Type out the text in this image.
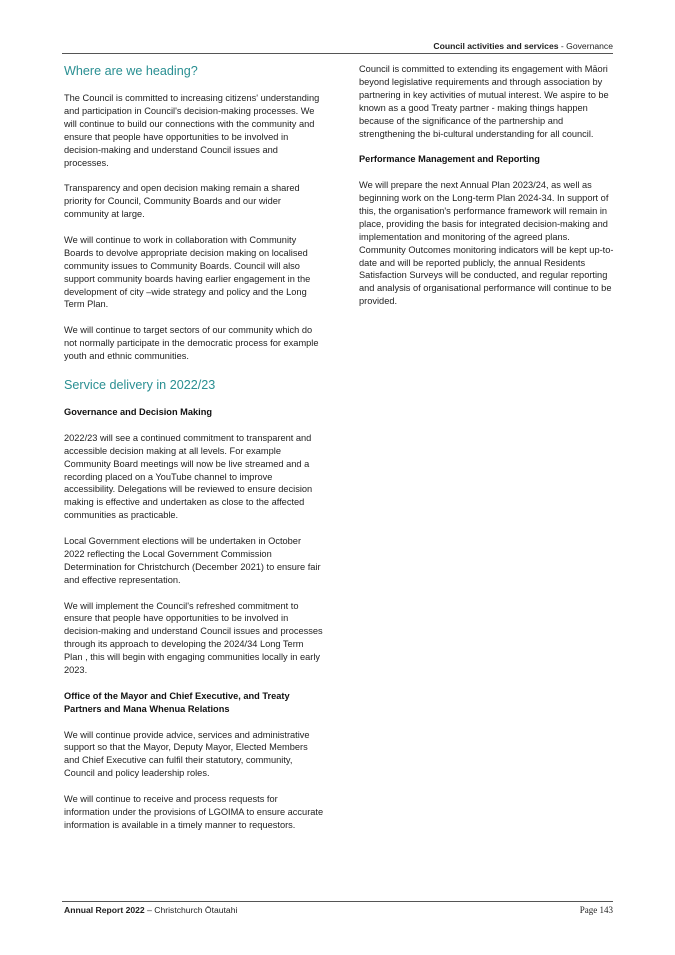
Council activities and services - Governance
Where are we heading?

The Council is committed to increasing citizens' understanding and participation in Council's decision-making processes. We will continue to build our connections with the community and ensure that people have opportunities to be involved in decision-making and understand Council issues and processes.

Transparency and open decision making remain a shared priority for Council, Community Boards and our wider community at large.

We will continue to work in collaboration with Community Boards to devolve appropriate decision making on localised community issues to Community Boards. Council will also support community boards having earlier engagement in the development of city –wide strategy and policy and the Long Term Plan.

We will continue to target sectors of our community which do not normally participate in the democratic process for example youth and ethnic communities.

Service delivery in 2022/23
Governance and Decision Making

2022/23 will see a continued commitment to transparent and accessible decision making at all levels. For example Community Board meetings will now be live streamed and a recording placed on a YouTube channel to improve accessibility. Delegations will be reviewed to ensure decision making is effective and undertaken as close to the affected communities as practicable.

Local Government elections will be undertaken in October 2022 reflecting the Local Government Commission Determination for Christchurch (December 2021) to ensure fair and effective representation.

We will implement the Council's refreshed commitment to ensure that people have opportunities to be involved in decision-making and understand Council issues and processes through its approach to developing the 2024/34 Long Term Plan , this will begin with engaging communities locally in early 2023.

Office of the Mayor and Chief Executive, and Treaty Partners and Mana Whenua Relations

We will continue provide advice, services and administrative support so that the Mayor, Deputy Mayor, Elected Members and Chief Executive can fulfil their statutory, community, Council and policy leadership roles.

We will continue to receive and process requests for information under the provisions of LGOIMA to ensure accurate information is available in a timely manner to requestors.

Council is committed to extending its engagement with Māori beyond legislative requirements and through association by partnering in key activities of mutual interest. We aspire to be known as a good Treaty partner - making things happen because of the significance of the partnership and strengthening the bi-cultural understanding for all council.

Performance Management and Reporting

We will prepare the next Annual Plan 2023/24, as well as beginning work on the Long-term Plan 2024-34. In support of this, the organisation's performance framework will remain in place, providing the basis for integrated decision-making and implementation and monitoring of the agreed plans.

Community Outcomes monitoring indicators will be kept up-to-date and will be reported publicly, the annual Residents Satisfaction Surveys will be conducted, and regular reporting and analysis of organisational performance will continue to be provided.

Annual Report 2022 – Christchurch Ōtautahi	Page 143
